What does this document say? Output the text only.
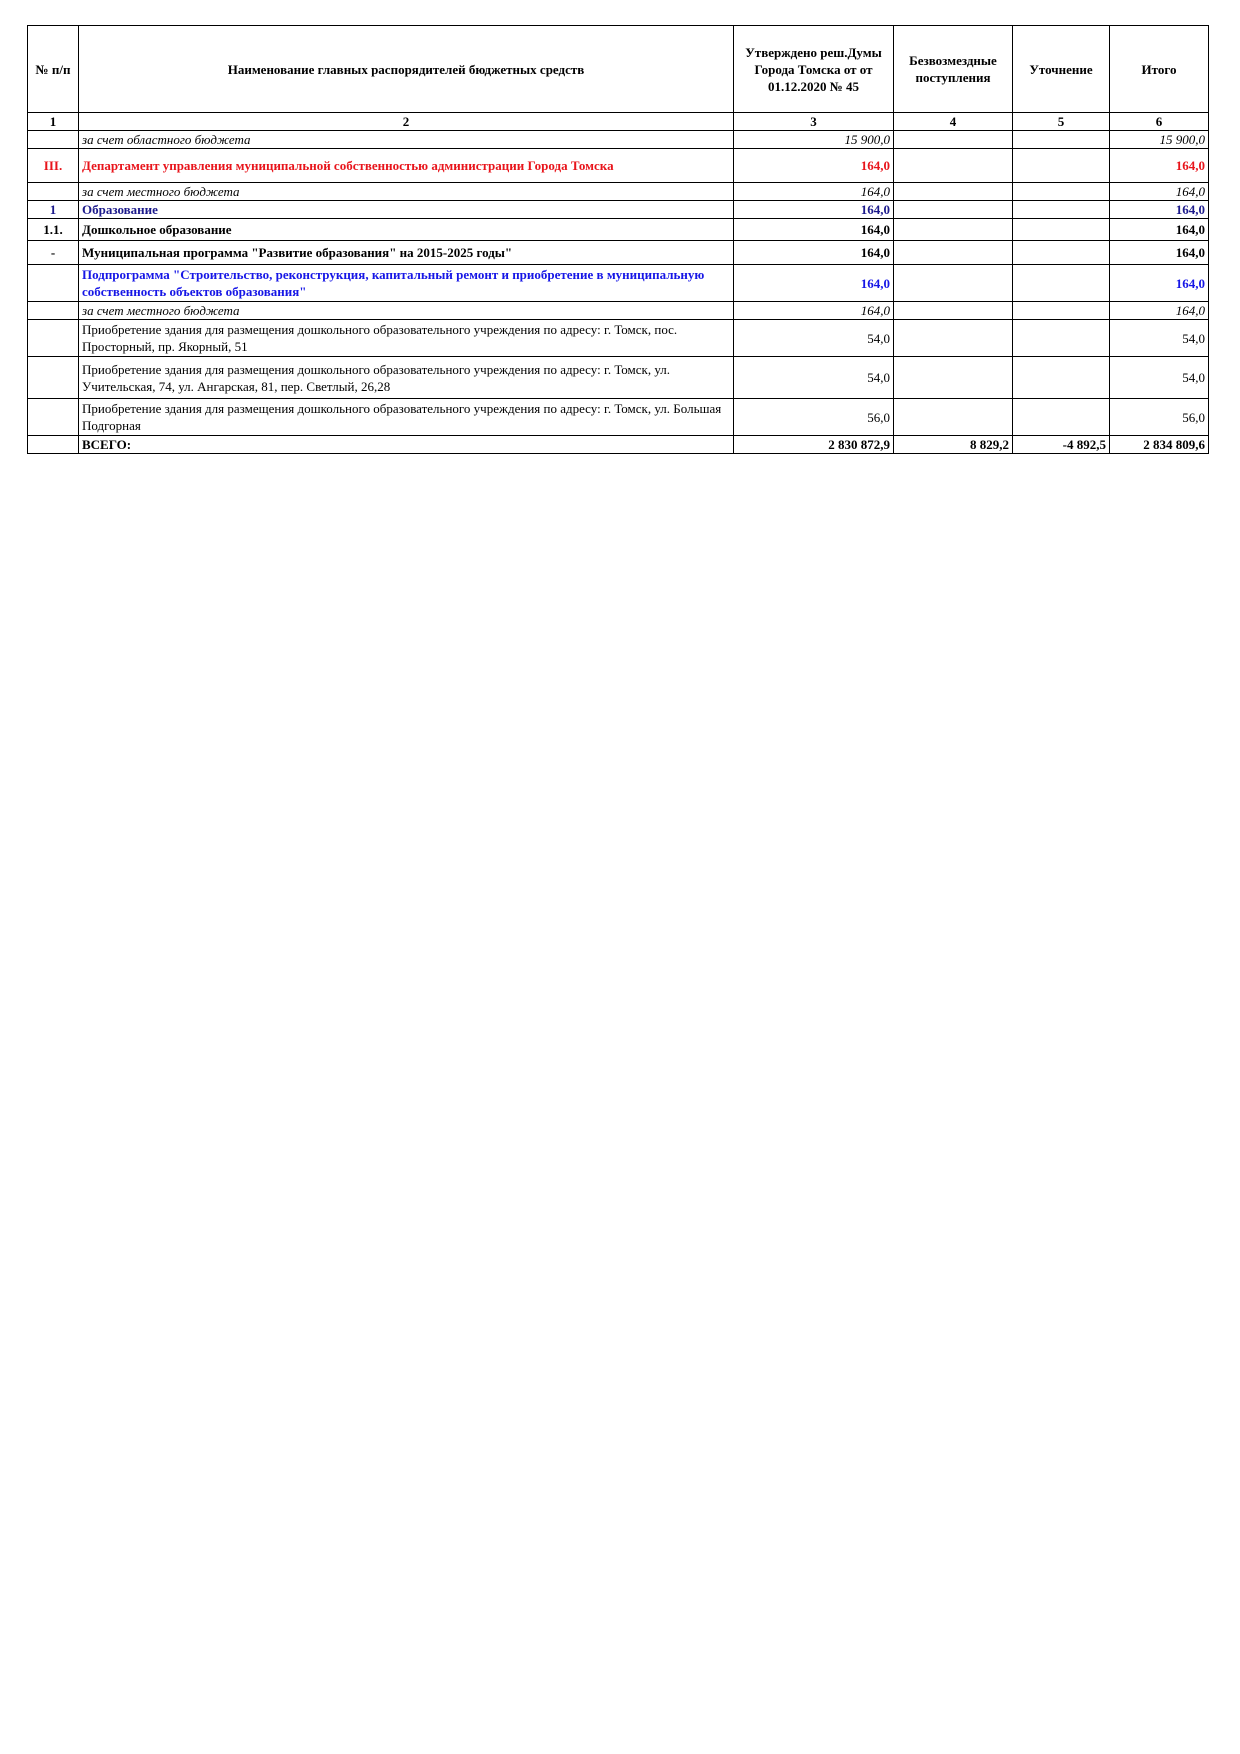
№ п/п	Наименование главных распорядителей бюджетных средств	Утверждено реш.Думы Города Томска от от 01.12.2020 № 45	Безвозмездные поступления	Уточнение	Итого
1	2	3	4	5	6
	за счет областного бюджета	15 900,0			15 900,0
III.	Департамент управления муниципальной собственностью администрации Города Томска	164,0			164,0
	за счет местного бюджета	164,0			164,0
1	Образование	164,0			164,0
1.1.	Дошкольное образование	164,0			164,0
-	Муниципальная программа "Развитие образования" на 2015-2025 годы"	164,0			164,0
	Подпрограмма "Строительство, реконструкция, капитальный ремонт и приобретение в муниципальную собственность объектов образования"	164,0			164,0
	за счет местного бюджета	164,0			164,0
	Приобретение здания для размещения дошкольного образовательного учреждения по адресу: г. Томск, пос. Просторный, пр. Якорный, 51	54,0			54,0
	Приобретение здания для размещения дошкольного образовательного учреждения по адресу: г. Томск, ул. Учительская, 74, ул. Ангарская, 81, пер. Светлый, 26,28	54,0			54,0
	Приобретение здания для размещения дошкольного образовательного учреждения по адресу: г. Томск, ул. Большая Подгорная	56,0			56,0
	ВСЕГО:	2 830 872,9	8 829,2	-4 892,5	2 834 809,6
